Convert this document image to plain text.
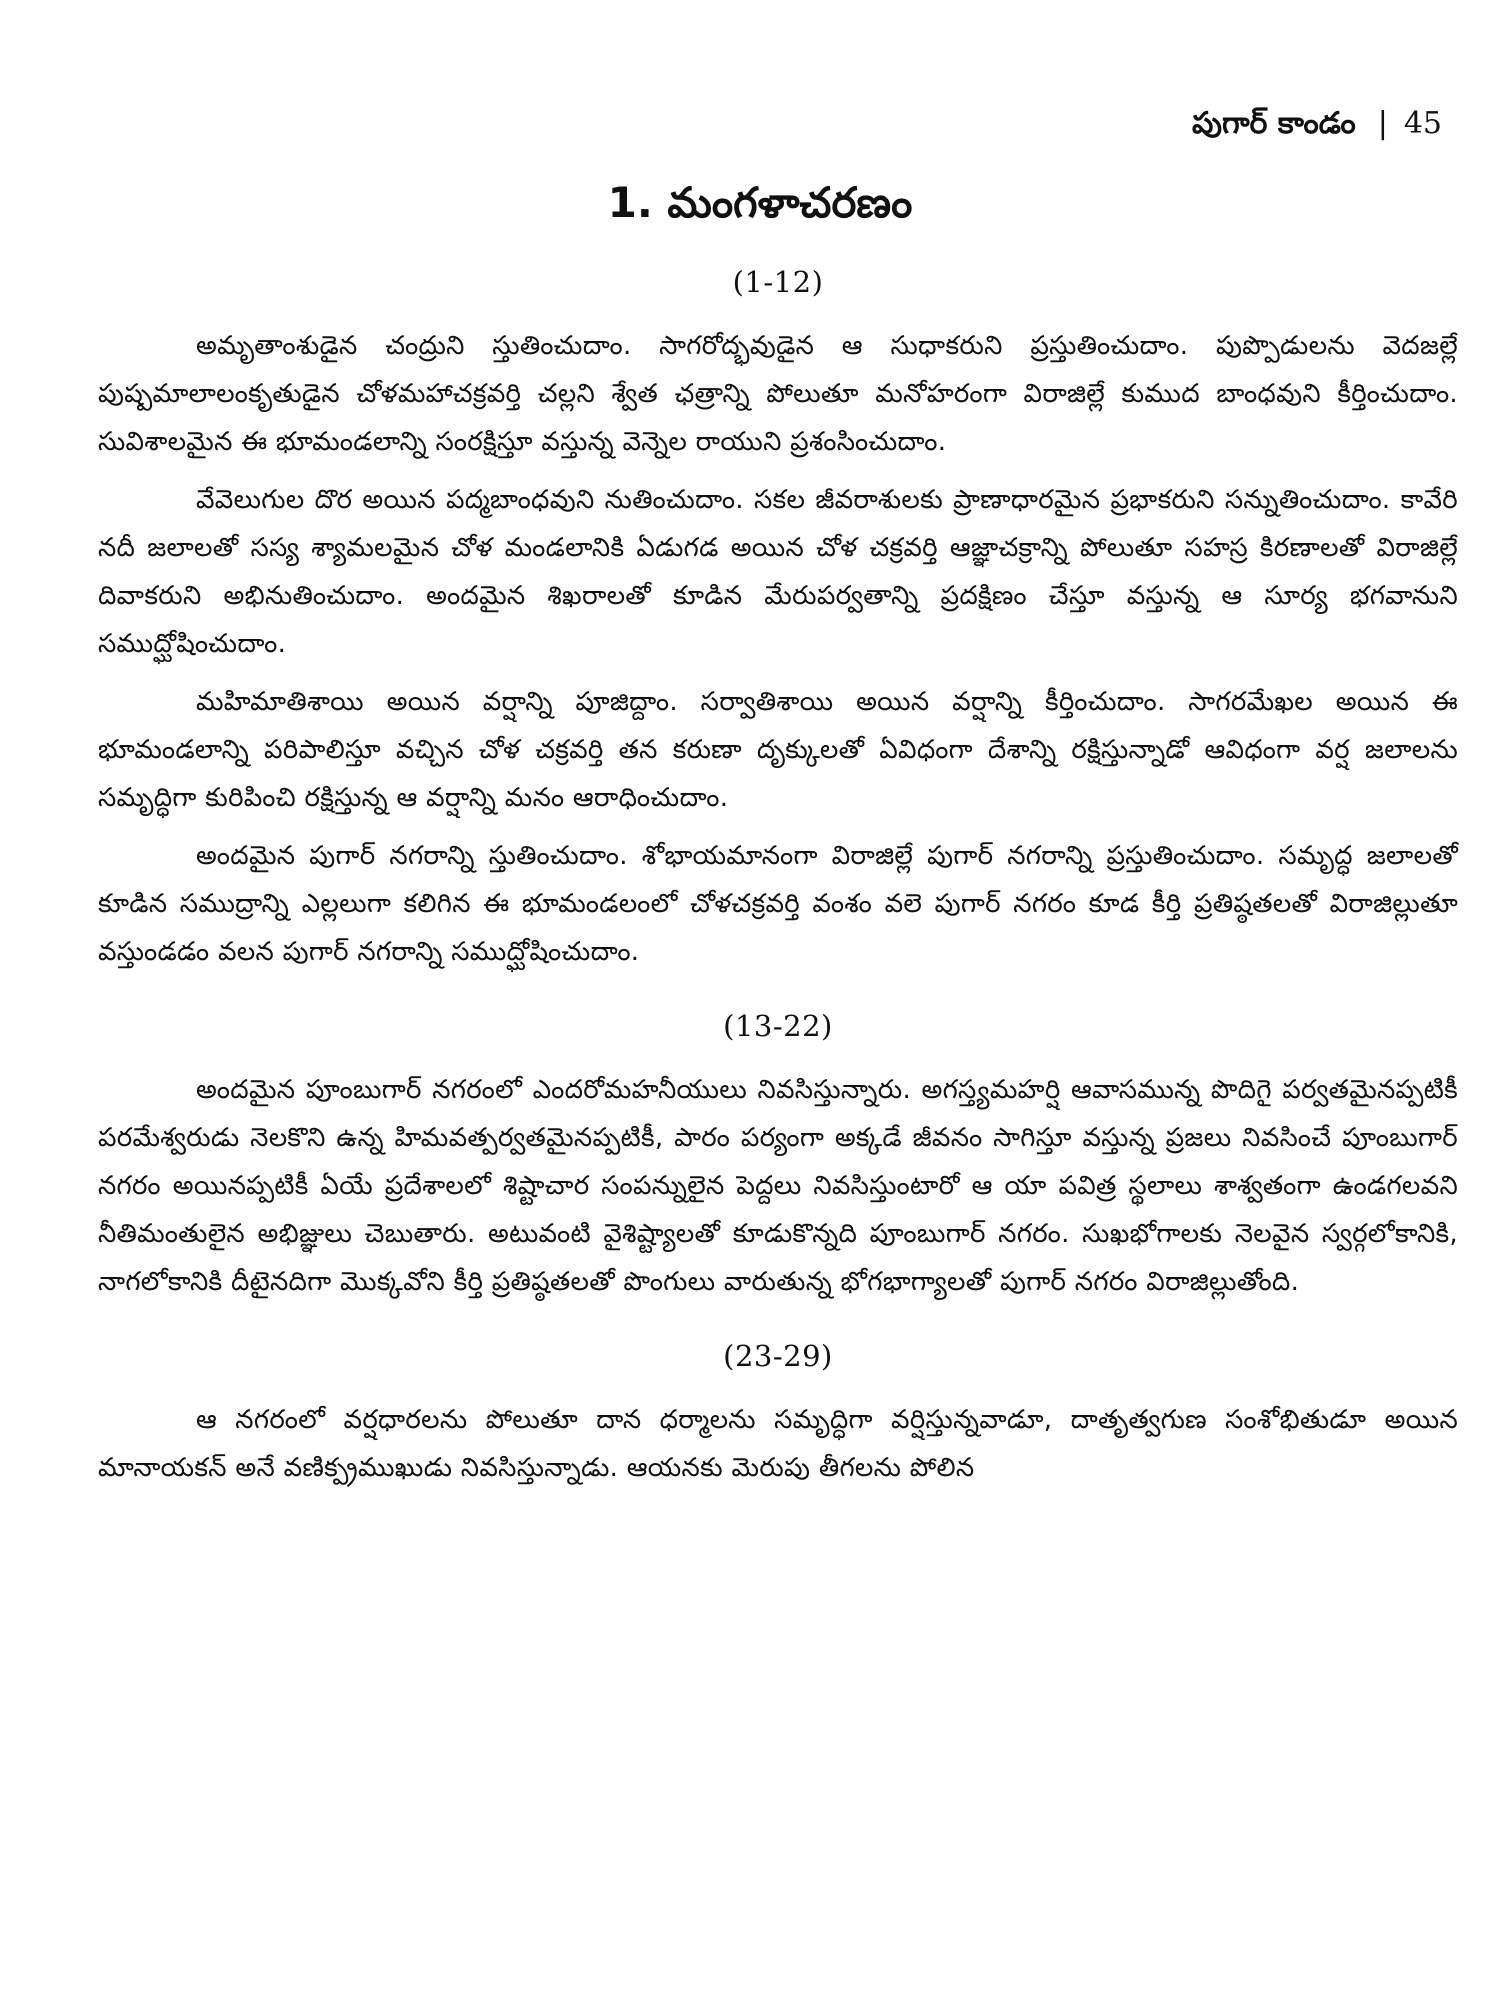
పుగార్ కాండం | 45
1. మంగళాచరణం
(1-12)

అమృతాంశుడైన చంద్రుని స్తుతించుదాం. సాగరోద్భవుడైన ఆ సుధాకరుని ప్రస్తుతించుదాం. పుప్పొడులను వెదజల్లే పుష్పమాలాలంకృతుడైన చోళమహాచక్రవర్తి చల్లని శ్వేత ఛత్రాన్ని పోలుతూ మనోహరంగా విరాజిల్లే కుముద బాంధవుని కీర్తించుదాం. సువిశాలమైన ఈ భూమండలాన్ని సంరక్షిస్తూ వస్తున్న వెన్నెల రాయుని ప్రశంసించుదాం.

వేవెలుగుల దొర అయిన పద్మబాంధవుని నుతించుదాం. సకల జీవరాశులకు ప్రాణాధారమైన ప్రభాకరుని సన్నుతించుదాం. కావేరి నదీ జలాలతో సస్య శ్యామలమైన చోళ మండలానికి ఏడుగడ అయిన చోళ చక్రవర్తి ఆజ్ఞాచక్రాన్ని పోలుతూ సహస్ర కిరణాలతో విరాజిల్లే దివాకరుని అభినుతించుదాం. అందమైన శిఖరాలతో కూడిన మేరుపర్వతాన్ని ప్రదక్షిణం చేస్తూ వస్తున్న ఆ సూర్య భగవానుని సముద్ఘోషించుదాం.

మహిమాతిశాయి అయిన వర్షాన్ని పూజిద్దాం. సర్వాతిశాయి అయిన వర్షాన్ని కీర్తించుదాం. సాగరమేఖల అయిన ఈ భూమండలాన్ని పరిపాలిస్తూ వచ్చిన చోళ చక్రవర్తి తన కరుణా దృక్కులతో ఏవిధంగా దేశాన్ని రక్షిస్తున్నాడో ఆవిధంగా వర్ష జలాలను సమృద్ధిగా కురిపించి రక్షిస్తున్న ఆ వర్షాన్ని మనం ఆరాధించుదాం.

అందమైన పుగార్ నగరాన్ని స్తుతించుదాం. శోభాయమానంగా విరాజిల్లే పుగార్ నగరాన్ని ప్రస్తుతించుదాం. సమృద్ధ జలాలతో కూడిన సముద్రాన్ని ఎల్లలుగా కలిగిన ఈ భూమండలంలో చోళచక్రవర్తి వంశం వలె పుగార్ నగరం కూడ కీర్తి ప్రతిష్ఠతలతో విరాజిల్లుతూ వస్తుండడం వలన పుగార్ నగరాన్ని సముద్ఘోషించుదాం.

(13-22)

అందమైన పూంబుగార్ నగరంలో ఎందరోమహనీయులు నివసిస్తున్నారు. అగస్త్యమహర్షి ఆవాసమున్న పొదిగై పర్వతమైనప్పటికీ పరమేశ్వరుడు నెలకొని ఉన్న హిమవత్పర్వతమైనప్పటికీ, పారం పర్యంగా అక్కడే జీవనం సాగిస్తూ వస్తున్న ప్రజలు నివసించే పూంబుగార్ నగరం అయినప్పటికీ ఏయే ప్రదేశాలలో శిష్టాచార సంపన్నులైన పెద్దలు నివసిస్తుంటారో ఆ యా పవిత్ర స్థలాలు శాశ్వతంగా ఉండగలవని నీతిమంతులైన అభిజ్ఞులు చెబుతారు. అటువంటి వైశిష్ట్యాలతో కూడుకొన్నది పూంబుగార్ నగరం. సుఖభోగాలకు నెలవైన స్వర్గలోకానికి, నాగలోకానికి దీటైనదిగా మొక్కవోని కీర్తి ప్రతిష్ఠతలతో పొంగులు వారుతున్న భోగభాగ్యాలతో పుగార్ నగరం విరాజిల్లుతోంది.

(23-29)

ఆ నగరంలో వర్షధారలను పోలుతూ దాన ధర్మాలను సమృద్ధిగా వర్షిస్తున్నవాడూ, దాతృత్వగుణ సంశోభితుడూ అయిన మానాయకన్ అనే వణిక్ప్రముఖుడు నివసిస్తున్నాడు. ఆయనకు మెరుపు తీగలను పోలిన
